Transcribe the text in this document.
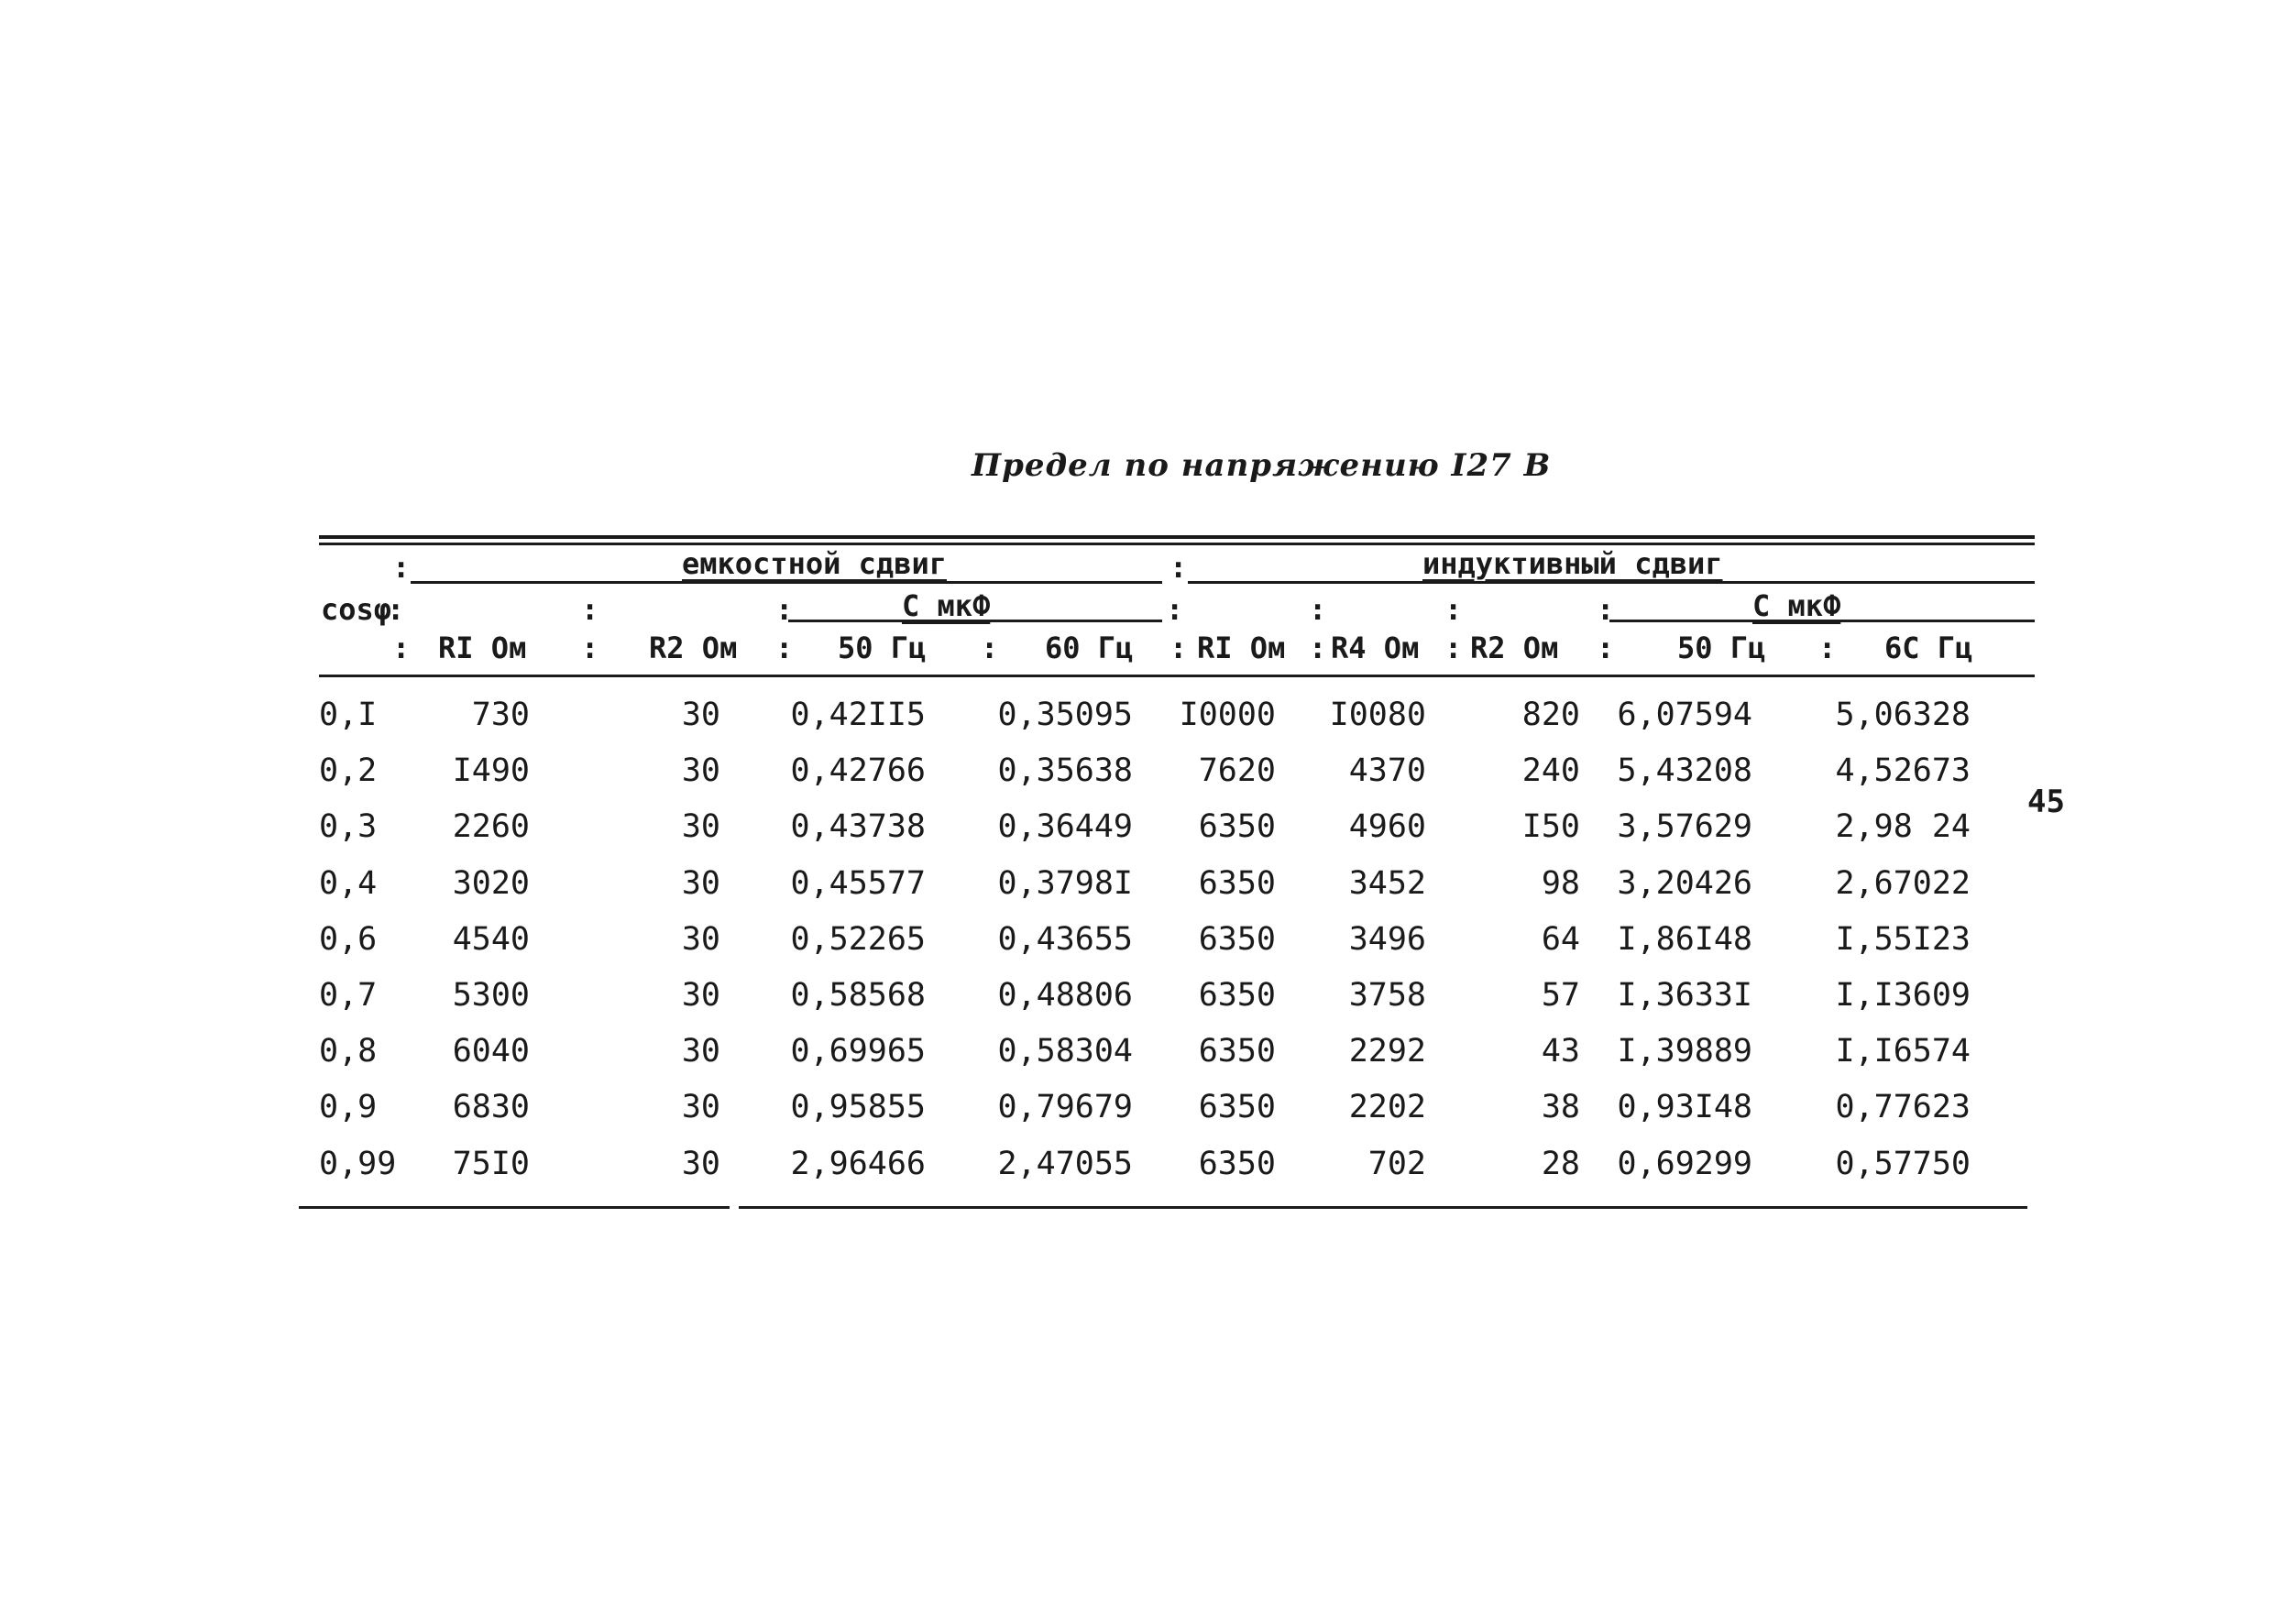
Предел по напряжению I27 В
:	емкостной сдвиг	:	индуктивный сдвиг
cosφ
:	:	:	С мкФ	:	:	:	:	С мкФ
: RI Ом : R2 Ом : 50 Гц : 60 Гц : RI Ом : R4 Ом : R2 Ом : 50 Гц : 6С Гц
0,I	730	30	0,42II5	0,35095	I0000	I0080	820	6,07594	5,06328
0,2	I490	30	0,42766	0,35638	7620	4370	240	5,43208	4,52673
0,3	2260	30	0,43738	0,36449	6350	4960	I50	3,57629	2,98 24
0,4	3020	30	0,45577	0,3798I	6350	3452	98	3,20426	2,67022
0,6	4540	30	0,52265	0,43655	6350	3496	64	I,86I48	I,55I23
0,7	5300	30	0,58568	0,48806	6350	3758	57	I,3633I	I,I3609
0,8	6040	30	0,69965	0,58304	6350	2292	43	I,39889	I,I6574
0,9	6830	30	0,95855	0,79679	6350	2202	38	0,93I48	0,77623
0,99	75I0	30	2,96466	2,47055	6350	702	28	0,69299	0,57750
45
